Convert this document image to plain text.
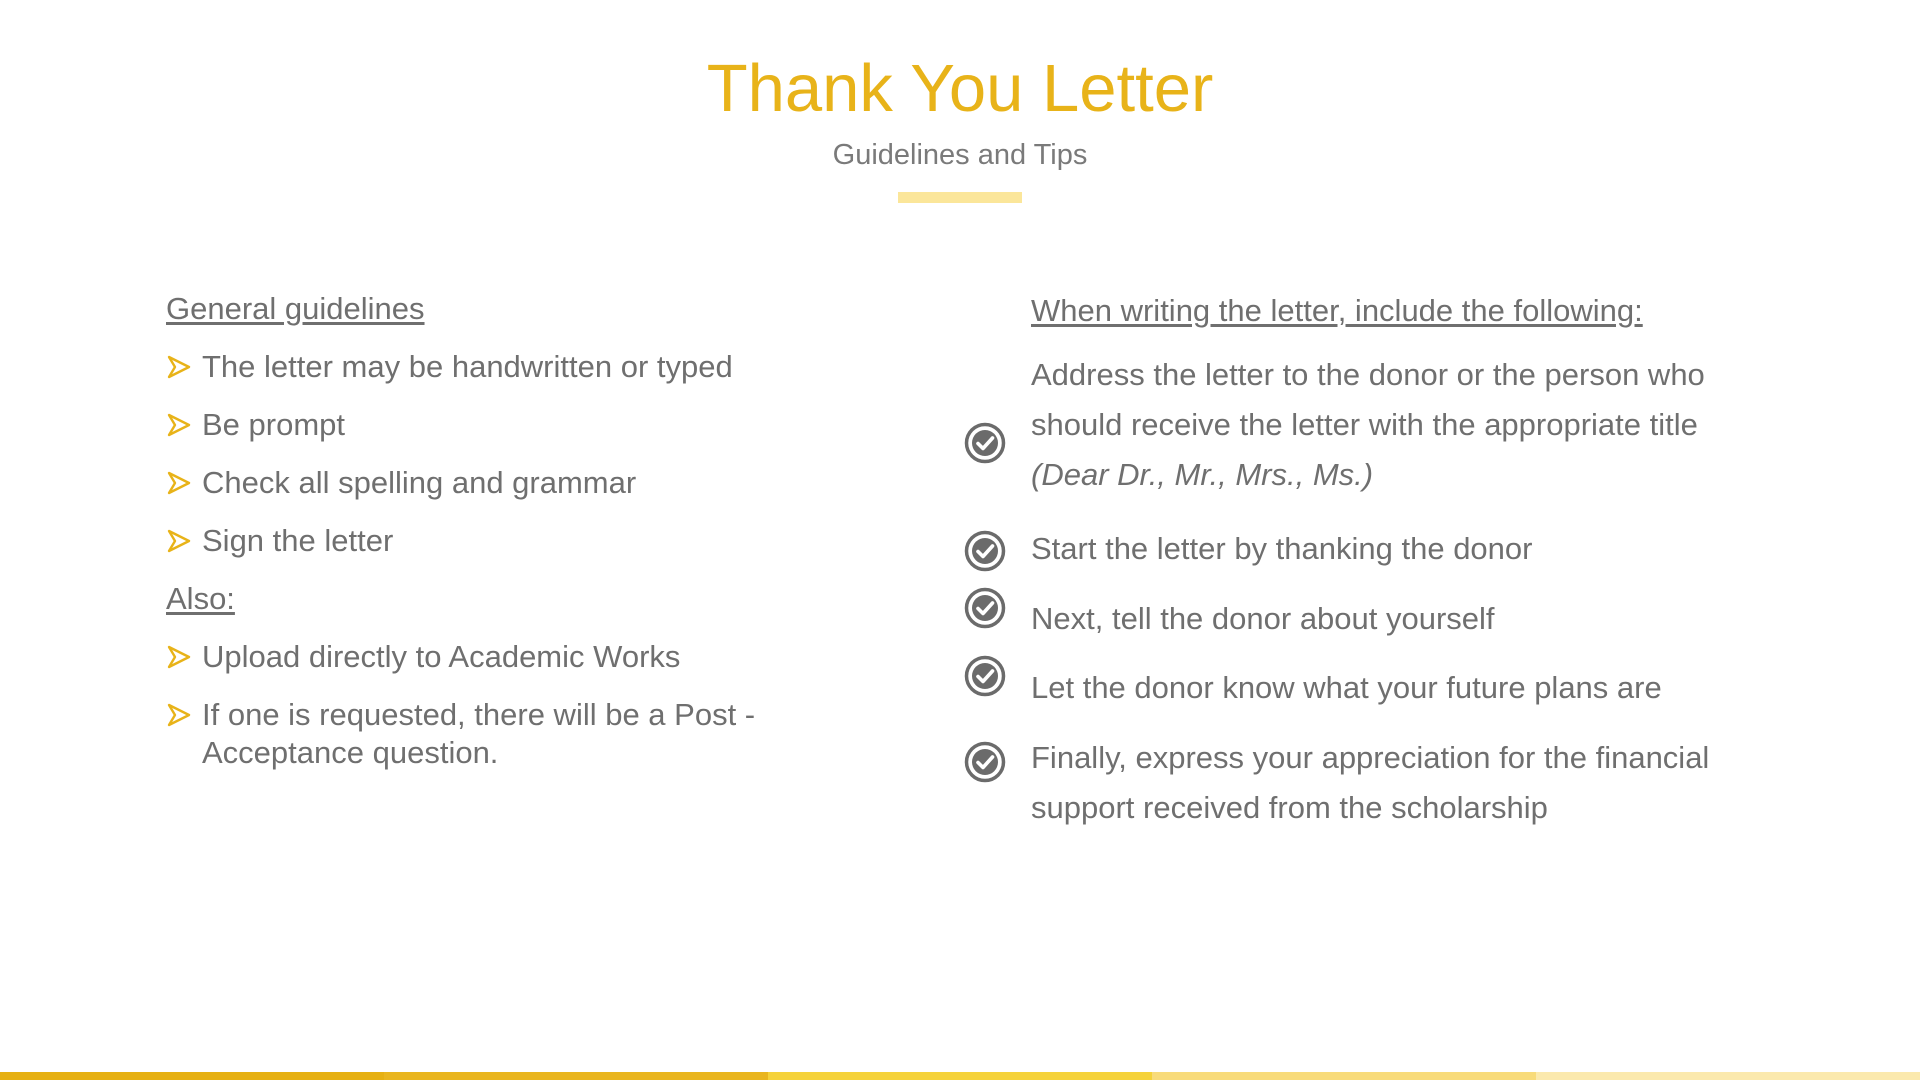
Thank You Letter
Guidelines and Tips
General guidelines
The letter may be handwritten or typed
Be prompt
Check all spelling and grammar
Sign the letter
Also:
Upload directly to Academic Works
If one is requested, there will be a Post -Acceptance question.
When writing the letter, include the following:
Address the letter to the donor or the person who should receive the letter with the appropriate title
(Dear Dr., Mr., Mrs., Ms.)
Start the letter by thanking the donor
Next, tell the donor about yourself
Let the donor know what your future plans are
Finally, express your appreciation for the financial support received from the scholarship
